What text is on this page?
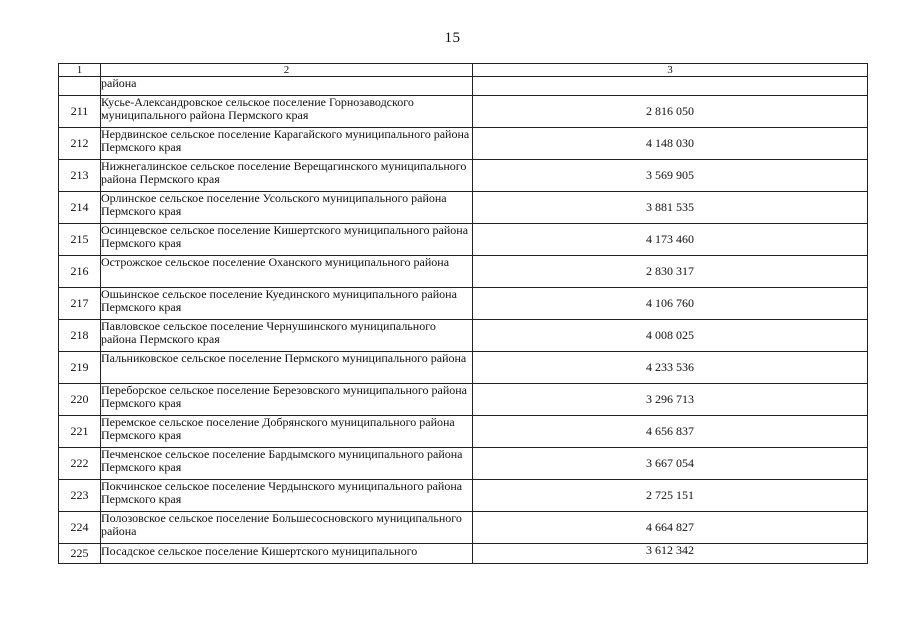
15
1	2	3
	района	
211	Кусье-Александровское сельское поселение Горнозаводского муниципального района Пермского края	2 816 050
212	Нердвинское сельское поселение Карагайского муниципального района Пермского края	4 148 030
213	Нижнегалинское сельское поселение Верещагинского муниципального района Пермского края	3 569 905
214	Орлинское сельское поселение Усольского муниципального района Пермского края	3 881 535
215	Осинцевское сельское поселение Кишертского муниципального района Пермского края	4 173 460
216	Острожское сельское поселение Оханского муниципального района	2 830 317
217	Ошьинское сельское поселение Куединского муниципального района Пермского края	4 106 760
218	Павловское сельское поселение Чернушинского муниципального района Пермского края	4 008 025
219	Пальниковское сельское поселение Пермского муниципального района	4 233 536
220	Переборское сельское поселение Березовского муниципального района Пермского края	3 296 713
221	Перемское сельское поселение Добрянского муниципального района Пермского края	4 656 837
222	Печменское сельское поселение Бардымского муниципального района Пермского края	3 667 054
223	Покчинское сельское поселение Чердынского муниципального района Пермского края	2 725 151
224	Полозовское сельское поселение Большесосновского муниципального района	4 664 827
225	Посадское сельское поселение Кишертского муниципального	3 612 342
